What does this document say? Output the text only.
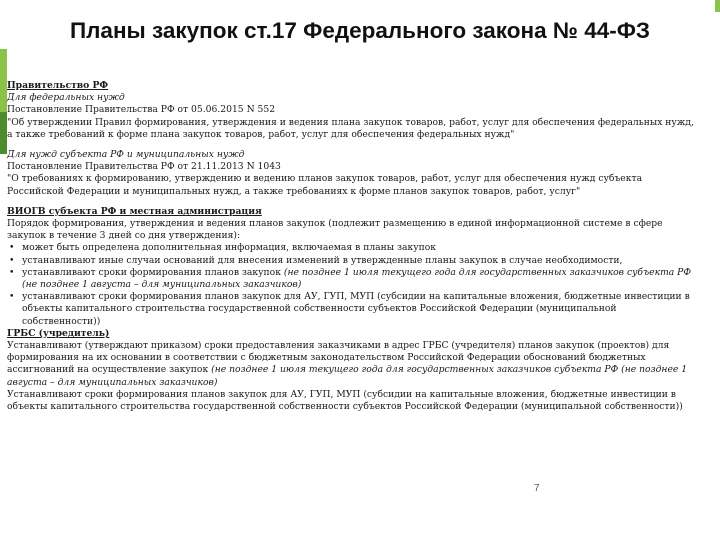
Планы закупок ст.17 Федерального закона № 44-ФЗ

Правительство РФ

Для федеральных нужд

Постановление Правительства РФ от 05.06.2015 N 552

"Об утверждении Правил формирования, утверждения и ведения плана закупок товаров, работ, услуг для обеспечения федеральных нужд, а также требований к форме плана закупок товаров, работ, услуг для обеспечения федеральных нужд"

Для нужд субъекта РФ и муниципальных нужд

Постановление Правительства РФ от 21.11.2013 N 1043

"О требованиях к формированию, утверждению и ведению планов закупок товаров, работ, услуг для обеспечения нужд субъекта Российской Федерации и муниципальных нужд, а также требованиях к форме планов закупок товаров, работ, услуг"

ВИОГВ субъекта РФ и местная администрация

Порядок формирования, утверждения и ведения планов закупок (подлежит размещению в единой информационной системе в сфере закупок в течение 3 дней со дня утверждения):

• может быть определена дополнительная информация, включаемая в планы закупок
• устанавливают иные случаи оснований для внесения изменений в утвержденные планы закупок в случае необходимости,
• устанавливают сроки формирования планов закупок (не позднее 1 июля текущего года для государственных заказчиков субъекта РФ (не позднее 1 августа – для муниципальных заказчиков)
• устанавливают сроки формирования планов закупок для АУ, ГУП, МУП (субсидии на капитальные вложения, бюджетные инвестиции в объекты капитального строительства государственной собственности субъектов Российской Федерации (муниципальной собственности))

ГРБС (учредитель)

Устанавливают (утверждают приказом) сроки предоставления заказчиками в адрес ГРБС (учредителя) планов закупок (проектов) для формирования на их основании в соответствии с бюджетным законодательством Российской Федерации обоснований бюджетных ассигнований на осуществление закупок (не позднее 1 июля текущего года для государственных заказчиков субъекта РФ (не позднее 1 августа – для муниципальных заказчиков)

Устанавливают сроки формирования планов закупок для АУ, ГУП, МУП (субсидии на капитальные вложения, бюджетные инвестиции в объекты капитального строительства государственной собственности субъектов Российской Федерации (муниципальной собственности))

7
